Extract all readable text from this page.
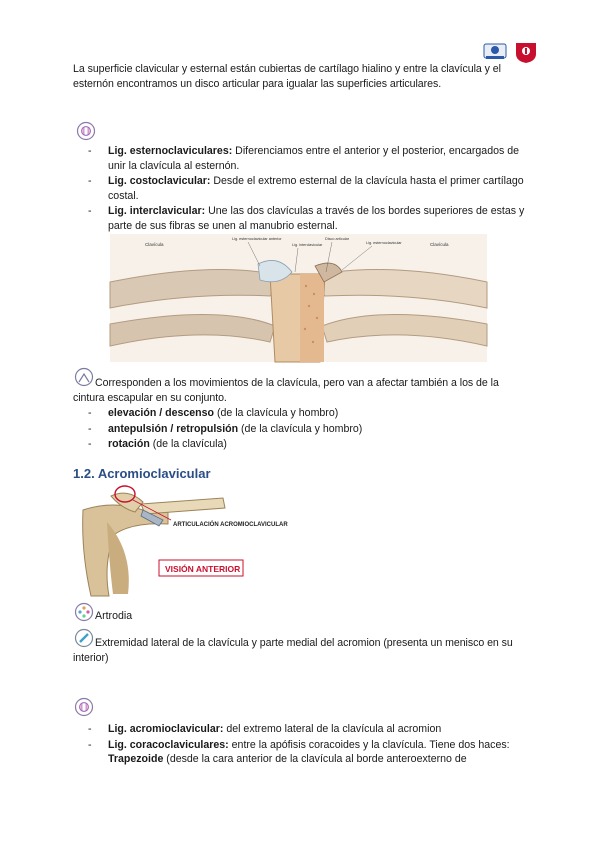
La superficie clavicular y esternal están cubiertas de cartílago hialino y entre la clavícula y el esternón encontramos un disco articular para igualar las superficies articulares.

- Lig. esternoclaviculares: Diferenciamos entre el anterior y el posterior, encargados de unir la clavícula al esternón.
- Lig. costoclavicular: Desde el extremo esternal de la clavícula hasta el primer cartílago costal.
- Lig. interclavicular: Une las dos clavículas a través de los bordes superiores de estas y parte de sus fibras se unen al manubrio esternal.
Clavícula
Lig. esternoclavicular anterior
Lig. interclavicular
Disco articular
Lig. esternoclavicular	Clavícula

Corresponden a los movimientos de la clavícula, pero van a afectar también a los de la cintura escapular en su conjunto.

- elevación / descenso (de la clavícula y hombro)
- antepulsión / retropulsión (de la clavícula y hombro)
- rotación (de la clavícula)
1.2. Acromioclavicular
ARTICULACIÓN ACROMIOCLAVICULAR
VISIÓN ANTERIOR
Artrodia

Extremidad lateral de la clavícula y parte medial del acromion (presenta un menisco en su interior)

- Lig. acromioclavicular: del extremo lateral de la clavícula al acromion
- Lig. coracoclaviculares: entre la apófisis coracoides y la clavícula. Tiene dos haces: Trapezoide (desde la cara anterior de la clavícula al borde anteroexterno de
